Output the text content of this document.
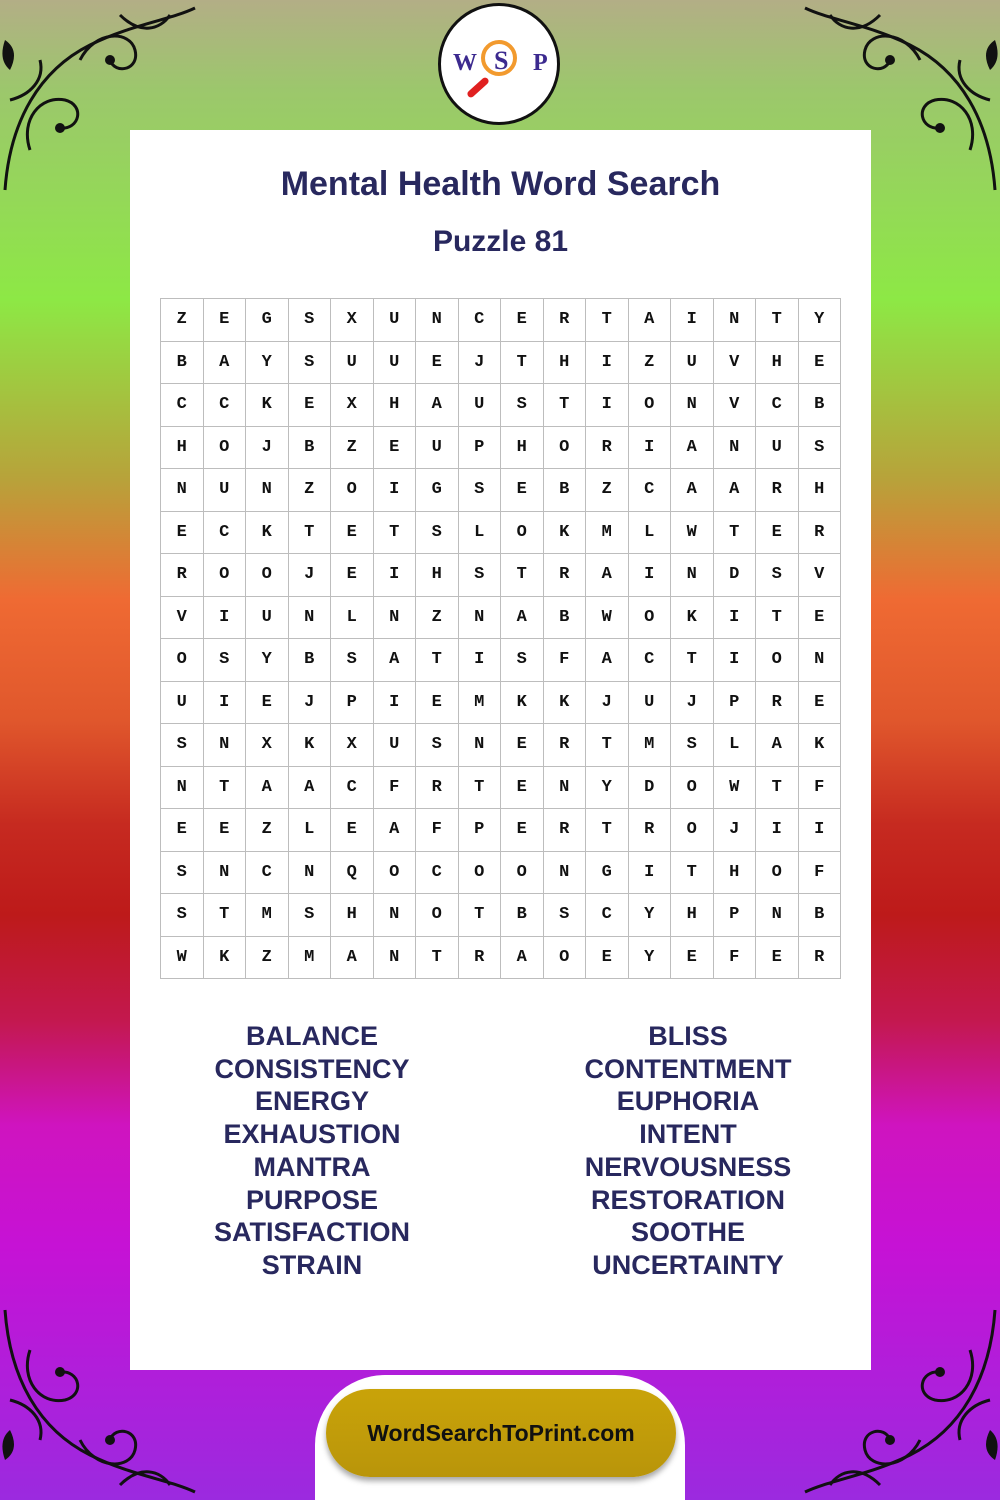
W S P
Mental Health Word Search
Puzzle 81
Z	E	G	S	X	U	N	C	E	R	T	A	I	N	T	Y
B	A	Y	S	U	U	E	J	T	H	I	Z	U	V	H	E
C	C	K	E	X	H	A	U	S	T	I	O	N	V	C	B
H	O	J	B	Z	E	U	P	H	O	R	I	A	N	U	S
N	U	N	Z	O	I	G	S	E	B	Z	C	A	A	R	H
E	C	K	T	E	T	S	L	O	K	M	L	W	T	E	R
R	O	O	J	E	I	H	S	T	R	A	I	N	D	S	V
V	I	U	N	L	N	Z	N	A	B	W	O	K	I	T	E
O	S	Y	B	S	A	T	I	S	F	A	C	T	I	O	N
U	I	E	J	P	I	E	M	K	K	J	U	J	P	R	E
S	N	X	K	X	U	S	N	E	R	T	M	S	L	A	K
N	T	A	A	C	F	R	T	E	N	Y	D	O	W	T	F
E	E	Z	L	E	A	F	P	E	R	T	R	O	J	I	I
S	N	C	N	Q	O	C	O	O	N	G	I	T	H	O	F
S	T	M	S	H	N	O	T	B	S	C	Y	H	P	N	B
W	K	Z	M	A	N	T	R	A	O	E	Y	E	F	E	R
BALANCE
CONSISTENCY
ENERGY
EXHAUSTION
MANTRA
PURPOSE
SATISFACTION
STRAIN
BLISS
CONTENTMENT
EUPHORIA
INTENT
NERVOUSNESS
RESTORATION
SOOTHE
UNCERTAINTY
WordSearchToPrint.com
